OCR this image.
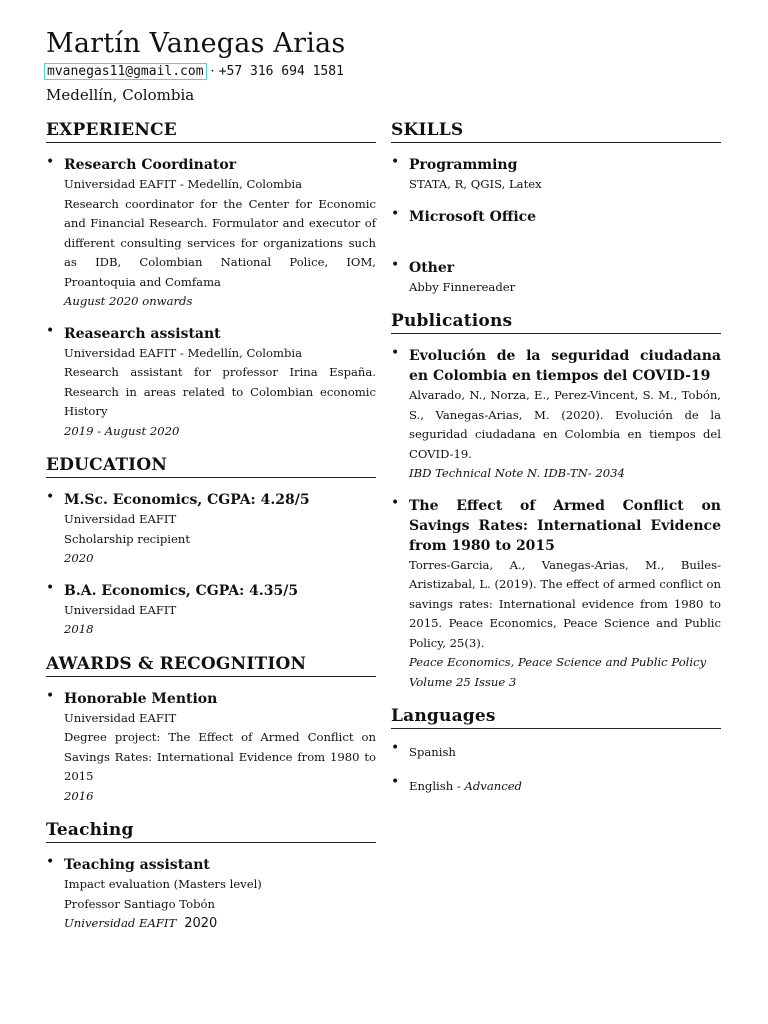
Martín Vanegas Arias
mvanegas11@gmail.com · +57 316 694 1581
Medellín, Colombia
EXPERIENCE
• Research Coordinator
Universidad EAFIT - Medellín, Colombia
Research coordinator for the Center for Economic and Financial Research. Formulator and executor of different consulting services for organizations such as IDB, Colombian National Police, IOM, Proantoquia and Comfama
August 2020 onwards
• Reasearch assistant
Universidad EAFIT - Medellín, Colombia
Research assistant for professor Irina España. Research in areas related to Colombian economic History
2019 - August 2020
EDUCATION
• M.Sc. Economics, CGPA: 4.28/5
Universidad EAFIT
Scholarship recipient
2020
• B.A. Economics, CGPA: 4.35/5
Universidad EAFIT
2018
AWARDS & RECOGNITION
• Honorable Mention
Universidad EAFIT
Degree project: The Effect of Armed Conflict on Savings Rates: International Evidence from 1980 to 2015
2016
Teaching
• Teaching assistant
Impact evaluation (Masters level)
Professor Santiago Tobón
Universidad EAFIT 2020
SKILLS
• Programming
STATA, R, QGIS, Latex
• Microsoft Office
• Other
Abby Finnereader
Publications
• Evolución de la seguridad ciudadana en Colombia en tiempos del COVID-19
Alvarado, N., Norza, E., Perez-Vincent, S. M., Tobón, S., Vanegas-Arias, M. (2020). Evolución de la seguridad ciudadana en Colombia en tiempos del COVID-19.
IBD Technical Note N. IDB-TN- 2034
• The Effect of Armed Conflict on Savings Rates: International Evidence from 1980 to 2015
Torres-Garcia, A., Vanegas-Arias, M., Builes-Aristizabal, L. (2019). The effect of armed conflict on savings rates: International evidence from 1980 to 2015. Peace Economics, Peace Science and Public Policy, 25(3).
Peace Economics, Peace Science and Public Policy Volume 25 Issue 3
Languages
• Spanish
• English - Advanced
